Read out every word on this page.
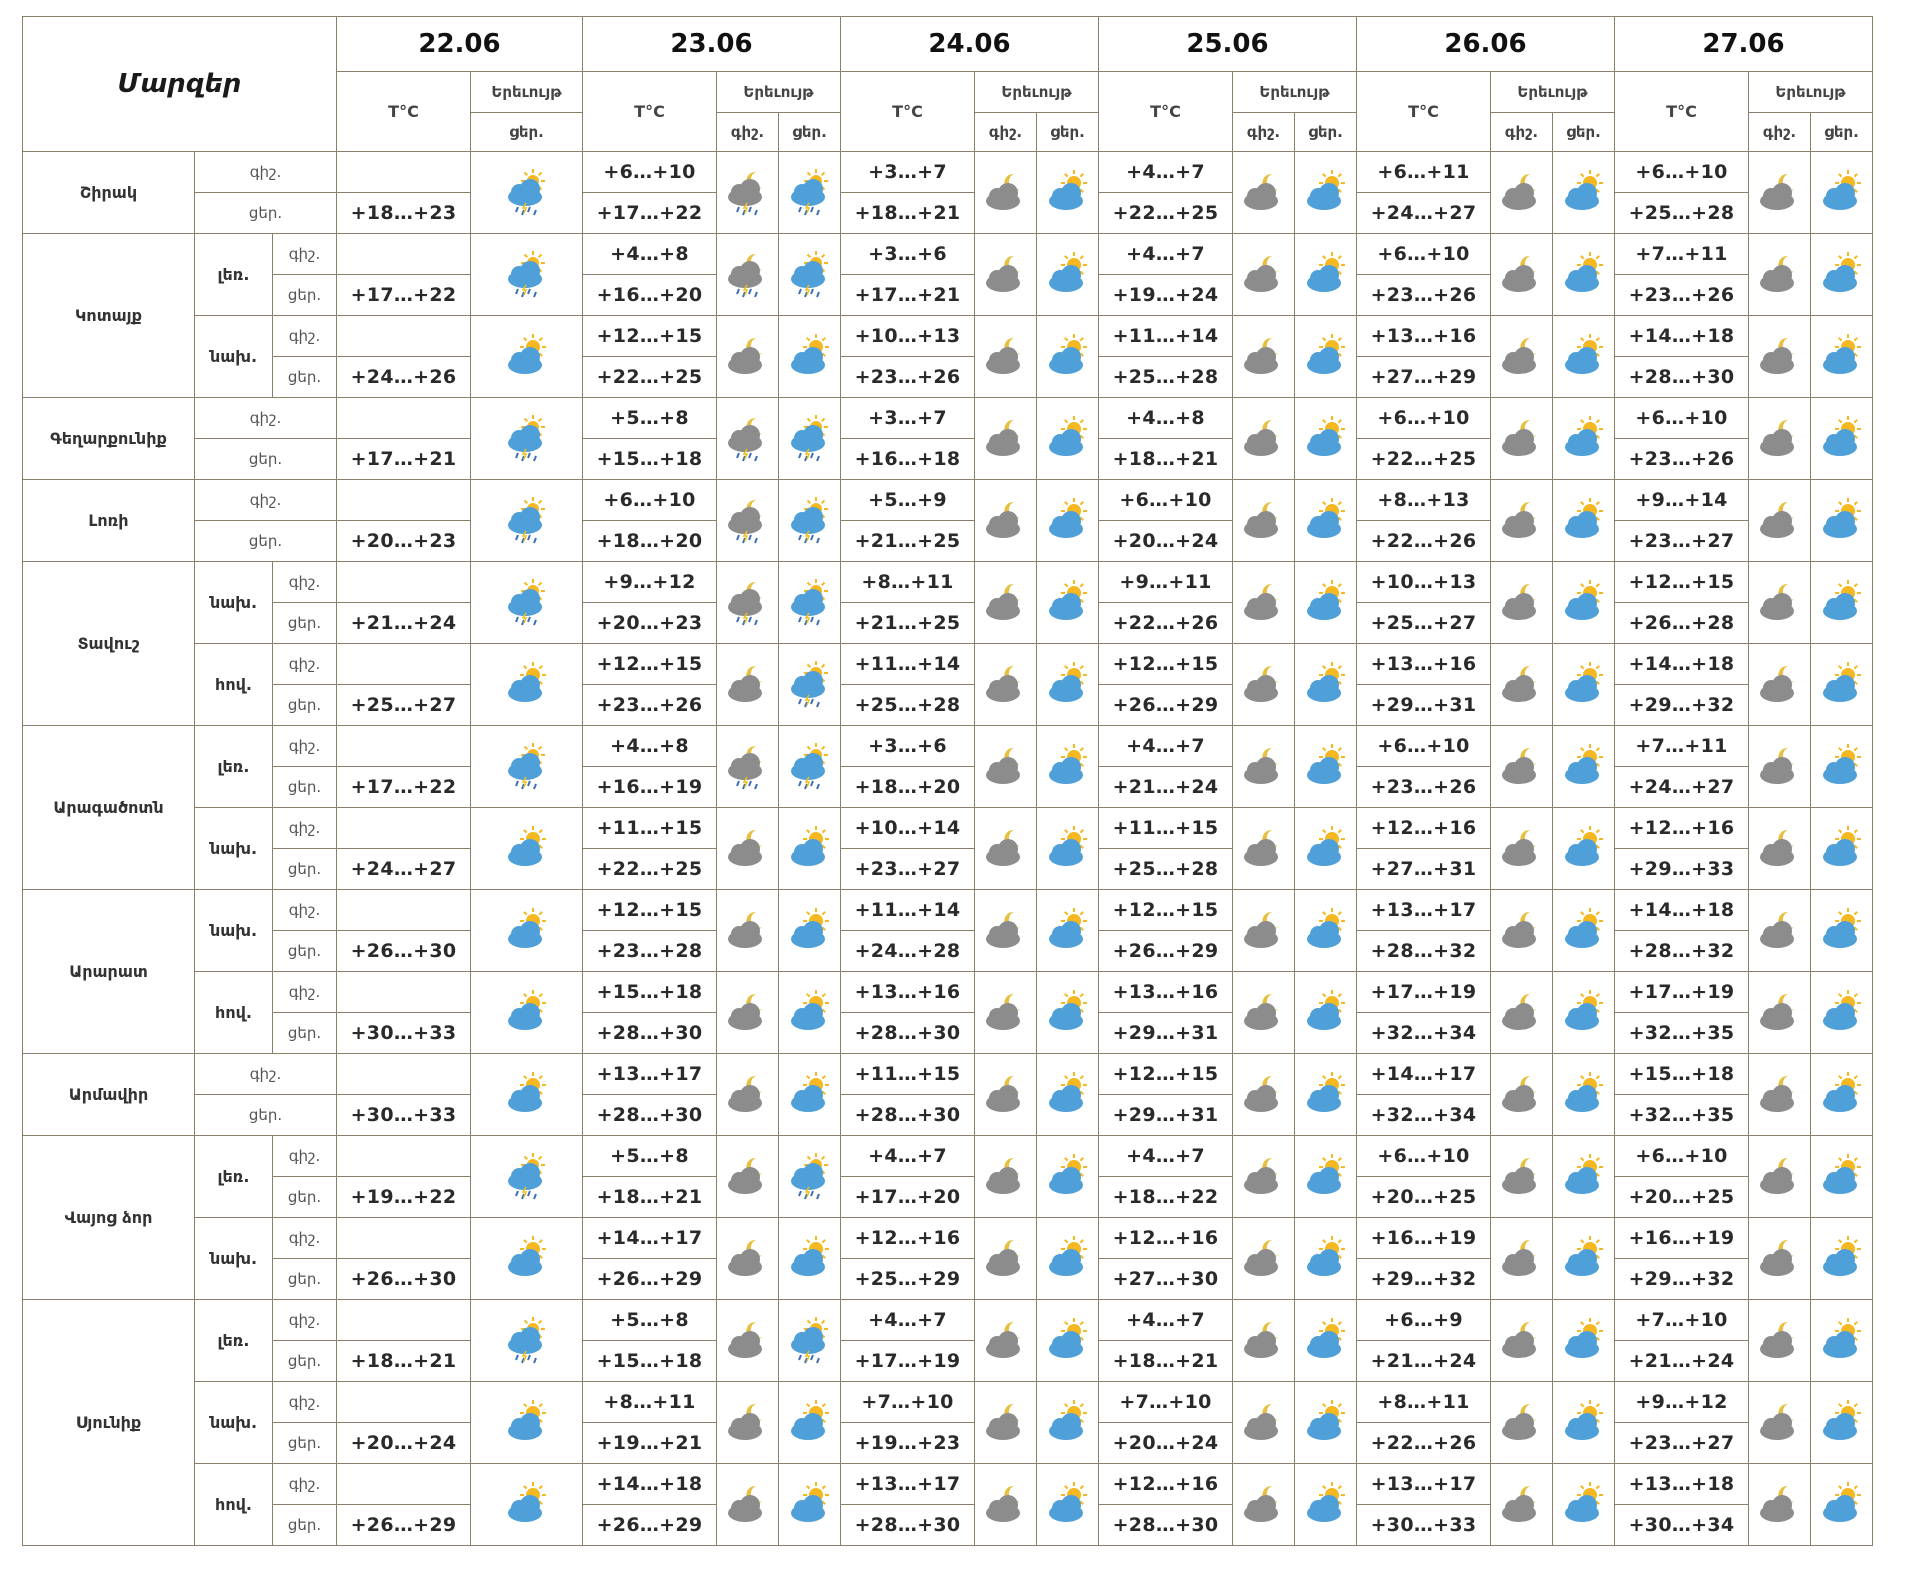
Մարզեր			22.06		23.06			24.06			25.06			26.06			27.06		
			T°C	Երեւույթ	T°C	Երեւույթ		T°C	Երեւույթ		T°C	Երեւույթ		T°C	Երեւույթ		T°C	Երեւույթ	
				ցեր.		գիշ.	ցեր.		գիշ.	ցեր.		գիշ.	ցեր.		գիշ.	ցեր.		գիշ.	ցեր.
Շիրակ	գիշ.				+6…+10			+3…+7			+4…+7			+6…+11			+6…+10	

	ցեր.		+18…+23		+17…+22			+18…+21			+22…+25			+24…+27			+25…+28		
Կոտայք	լեռ.	գիշ.			+4…+8			+3…+6			+4…+7			+6…+10			+7…+11	

		ցեր.	+17…+22		+16…+20			+17…+21			+19…+24			+23…+26			+23…+26		
	նախ.	գիշ.			+12…+15			+10…+13			+11…+14			+13…+16			+14…+18	

		ցեր.	+24…+26		+22…+25			+23…+26			+25…+28			+27…+29			+28…+30		
Գեղարքունիք	գիշ.				+5…+8			+3…+7			+4…+8			+6…+10			+6…+10	

	ցեր.		+17…+21		+15…+18			+16…+18			+18…+21			+22…+25			+23…+26		
Լոռի	գիշ.				+6…+10			+5…+9			+6…+10			+8…+13			+9…+14	

	ցեր.		+20…+23		+18…+20			+21…+25			+20…+24			+22…+26			+23…+27		
Տավուշ	նախ.	գիշ.			+9…+12			+8…+11			+9…+11			+10…+13			+12…+15	

		ցեր.	+21…+24		+20…+23			+21…+25			+22…+26			+25…+27			+26…+28		
	հով.	գիշ.			+12…+15			+11…+14			+12…+15			+13…+16			+14…+18	

		ցեր.	+25…+27		+23…+26			+25…+28			+26…+29			+29…+31			+29…+32		
Արագածոտն	լեռ.	գիշ.			+4…+8			+3…+6			+4…+7			+6…+10			+7…+11	

		ցեր.	+17…+22		+16…+19			+18…+20			+21…+24			+23…+26			+24…+27		
	նախ.	գիշ.			+11…+15			+10…+14			+11…+15			+12…+16			+12…+16	

		ցեր.	+24…+27		+22…+25			+23…+27			+25…+28			+27…+31			+29…+33		
Արարատ	նախ.	գիշ.			+12…+15			+11…+14			+12…+15			+13…+17			+14…+18	

		ցեր.	+26…+30		+23…+28			+24…+28			+26…+29			+28…+32			+28…+32		
	հով.	գիշ.			+15…+18			+13…+16			+13…+16			+17…+19			+17…+19	

		ցեր.	+30…+33		+28…+30			+28…+30			+29…+31			+32…+34			+32…+35		
Արմավիր	գիշ.				+13…+17			+11…+15			+12…+15			+14…+17			+15…+18	

	ցեր.		+30…+33		+28…+30			+28…+30			+29…+31			+32…+34			+32…+35		
Վայոց ձոր	լեռ.	գիշ.			+5…+8			+4…+7			+4…+7			+6…+10			+6…+10	

		ցեր.	+19…+22		+18…+21			+17…+20			+18…+22			+20…+25			+20…+25		
	նախ.	գիշ.			+14…+17			+12…+16			+12…+16			+16…+19			+16…+19	

		ցեր.	+26…+30		+26…+29			+25…+29			+27…+30			+29…+32			+29…+32		
Սյունիք	լեռ.	գիշ.			+5…+8			+4…+7			+4…+7			+6…+9			+7…+10	

		ցեր.	+18…+21		+15…+18			+17…+19			+18…+21			+21…+24			+21…+24		
	նախ.	գիշ.			+8…+11			+7…+10			+7…+10			+8…+11			+9…+12	

		ցեր.	+20…+24		+19…+21			+19…+23			+20…+24			+22…+26			+23…+27		
	հով.	գիշ.			+14…+18			+13…+17			+12…+16			+13…+17			+13…+18	

		ցեր.	+26…+29		+26…+29			+28…+30			+28…+30			+30…+33			+30…+34		
